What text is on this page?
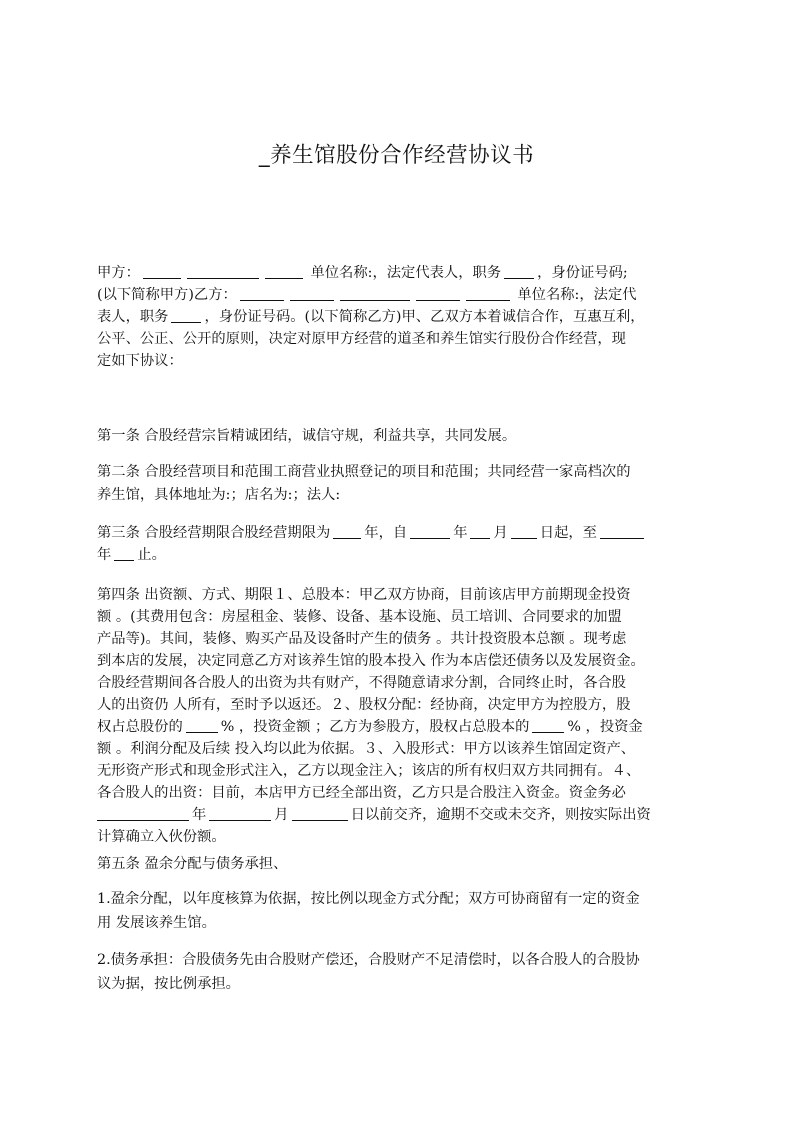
_养生馆股份合作经营协议书
甲方：	单位名称:，法定代表人，职务	，身份证号码;
(以下简称甲方)乙方：	单位名称:，法定代
表人，职务	，身份证号码。(以下简称乙方)甲、乙双方本着诚信合作，互惠互利，
公平、公正、公开的原则，决定对原甲方经营的道圣和养生馆实行股份合作经营，现
定如下协议：
第一条 合股经营宗旨精诚团结，诚信守规，利益共享，共同发展。
第二条 合股经营项目和范围工商营业执照登记的项目和范围；共同经营一家高档次的
养生馆，具体地址为:；店名为:；法人:
第三条 合股经营期限合股经营期限为 年，自	年 月 日起，至
年 止。
第四条 出资额、方式、期限１、总股本：甲乙双方协商，目前该店甲方前期现金投资
额 。(其费用包含：房屋租金、装修、设备、基本设施、员工培训、合同要求的加盟
产品等)。其间，装修、购买产品及设备时产生的债务 。共计投资股本总额 。现考虑
到本店的发展，决定同意乙方对该养生馆的股本投入 作为本店偿还债务以及发展资金。
合股经营期间各合股人的出资为共有财产，不得随意请求分割，合同终止时，各合股
人的出资仍 人所有，至时予以返还。２、股权分配：经协商，决定甲方为控股方，股
权占总股份的	% ，投资金额 ；乙方为参股方，股权占总股本的	% ，投资金
额 。利润分配及后续 投入均以此为依据。３、入股形式：甲方以该养生馆固定资产、
无形资产形式和现金形式注入，乙方以现金注入；该店的所有权归双方共同拥有。４、
各合股人的出资：目前，本店甲方已经全部出资，乙方只是合股注入资金。资金务必
年	月	日以前交齐，逾期不交或未交齐，则按实际出资
计算确立入伙份额。
第五条 盈余分配与债务承担、
1.盈余分配，以年度核算为依据，按比例以现金方式分配；双方可协商留有一定的资金
用 发展该养生馆。
2.债务承担：合股债务先由合股财产偿还，合股财产不足清偿时，以各合股人的合股协
议为据，按比例承担。
